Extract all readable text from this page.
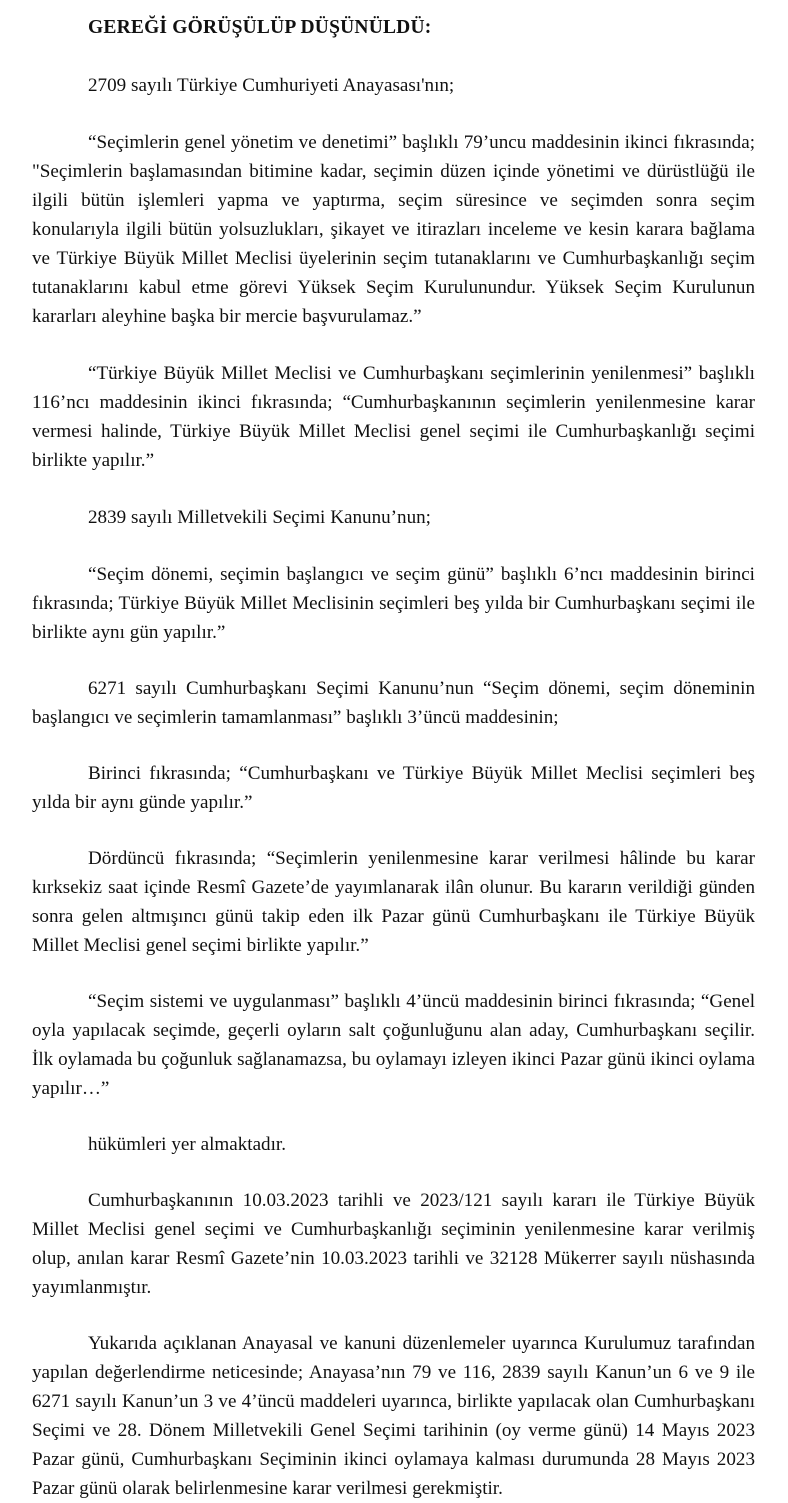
GEREĞİ GÖRÜŞÜLÜP DÜŞÜNÜLDÜ:

2709 sayılı Türkiye Cumhuriyeti Anayasası'nın;

“Seçimlerin genel yönetim ve denetimi” başlıklı 79’uncu maddesinin ikinci fıkrasında; "Seçimlerin başlamasından bitimine kadar, seçimin düzen içinde yönetimi ve dürüstlüğü ile ilgili bütün işlemleri yapma ve yaptırma, seçim süresince ve seçimden sonra seçim konularıyla ilgili bütün yolsuzlukları, şikayet ve itirazları inceleme ve kesin karara bağlama ve Türkiye Büyük Millet Meclisi üyelerinin seçim tutanaklarını ve Cumhurbaşkanlığı seçim tutanaklarını kabul etme görevi Yüksek Seçim Kurulunundur. Yüksek Seçim Kurulunun kararları aleyhine başka bir mercie başvurulamaz.”

“Türkiye Büyük Millet Meclisi ve Cumhurbaşkanı seçimlerinin yenilenmesi” başlıklı 116’ncı maddesinin ikinci fıkrasında; “Cumhurbaşkanının seçimlerin yenilenmesine karar vermesi halinde, Türkiye Büyük Millet Meclisi genel seçimi ile Cumhurbaşkanlığı seçimi birlikte yapılır.”

2839 sayılı Milletvekili Seçimi Kanunu’nun;

“Seçim dönemi, seçimin başlangıcı ve seçim günü” başlıklı 6’ncı maddesinin birinci fıkrasında; Türkiye Büyük Millet Meclisinin seçimleri beş yılda bir Cumhurbaşkanı seçimi ile birlikte aynı gün yapılır.”

6271 sayılı Cumhurbaşkanı Seçimi Kanunu’nun “Seçim dönemi, seçim döneminin başlangıcı ve seçimlerin tamamlanması” başlıklı 3’üncü maddesinin;

Birinci fıkrasında; “Cumhurbaşkanı ve Türkiye Büyük Millet Meclisi seçimleri beş yılda bir aynı günde yapılır.”

Dördüncü fıkrasında; “Seçimlerin yenilenmesine karar verilmesi hâlinde bu karar kırksekiz saat içinde Resmî Gazete’de yayımlanarak ilân olunur. Bu kararın verildiği günden sonra gelen altmışıncı günü takip eden ilk Pazar günü Cumhurbaşkanı ile Türkiye Büyük Millet Meclisi genel seçimi birlikte yapılır.”

“Seçim sistemi ve uygulanması” başlıklı 4’üncü maddesinin birinci fıkrasında; “Genel oyla yapılacak seçimde, geçerli oyların salt çoğunluğunu alan aday, Cumhurbaşkanı seçilir. İlk oylamada bu çoğunluk sağlanamazsa, bu oylamayı izleyen ikinci Pazar günü ikinci oylama yapılır…”

hükümleri yer almaktadır.

Cumhurbaşkanının 10.03.2023 tarihli ve 2023/121 sayılı kararı ile Türkiye Büyük Millet Meclisi genel seçimi ve Cumhurbaşkanlığı seçiminin yenilenmesine karar verilmiş olup, anılan karar Resmî Gazete’nin 10.03.2023 tarihli ve 32128 Mükerrer sayılı nüshasında yayımlanmıştır.

Yukarıda açıklanan Anayasal ve kanuni düzenlemeler uyarınca Kurulumuz tarafından yapılan değerlendirme neticesinde; Anayasa’nın 79 ve 116, 2839 sayılı Kanun’un 6 ve 9 ile 6271 sayılı Kanun’un 3 ve 4’üncü maddeleri uyarınca, birlikte yapılacak olan Cumhurbaşkanı Seçimi ve 28. Dönem Milletvekili Genel Seçimi tarihinin (oy verme günü) 14 Mayıs 2023 Pazar günü, Cumhurbaşkanı Seçiminin ikinci oylamaya kalması durumunda 28 Mayıs 2023 Pazar günü olarak belirlenmesine karar verilmesi gerekmiştir.
